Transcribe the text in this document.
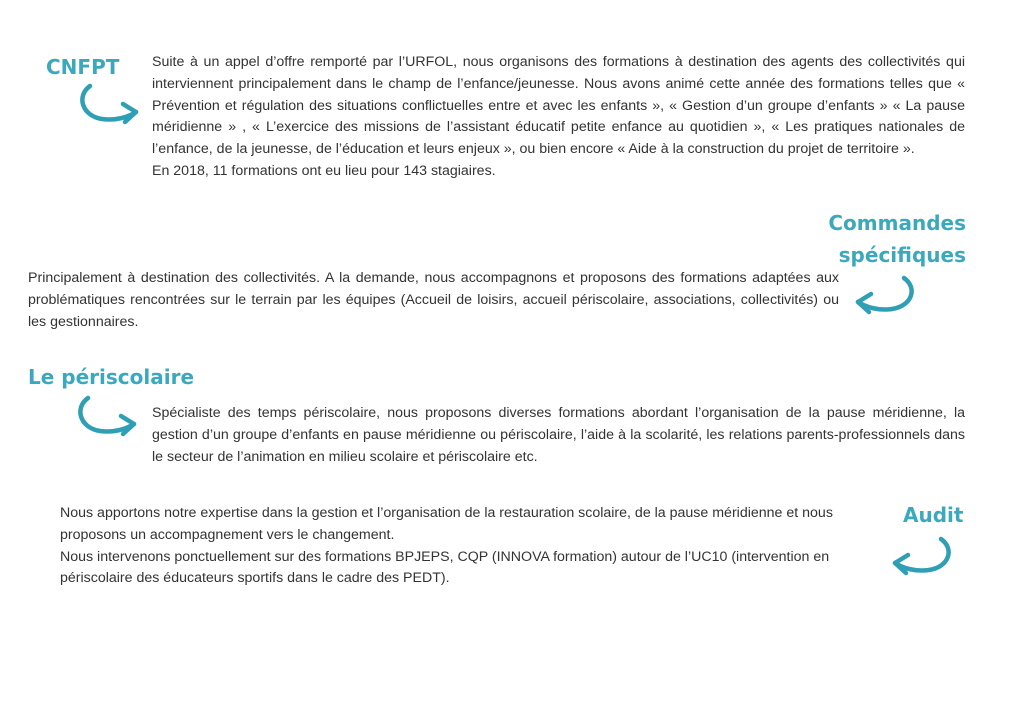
CNFPT Suite à un appel d’offre remporté par l’URFOL, nous organisons des formations à destination des agents des collectivités qui interviennent principalement dans le champ de l’enfance/jeunesse. Nous avons animé cette année des formations telles que « Prévention et régulation des situations conflictuelles entre et avec les enfants », « Gestion d’un groupe d’enfants » « La pause méridienne » , « L’exercice des missions de l’assistant éducatif petite enfance au quotidien », « Les pratiques nationales de l’enfance, de la jeunesse, de l’éducation et leurs enjeux », ou bien encore « Aide à la construction du projet de territoire ».

En 2018, 11 formations ont eu lieu pour 143 stagiaires.

Commandes
spécifiques

Principalement à destination des collectivités. A la demande, nous accompagnons et proposons des formations adaptées aux problématiques rencontrées sur le terrain par les équipes (Accueil de loisirs, accueil périscolaire, associations, collectivités) ou les gestionnaires.

Le périscolaire

Spécialiste des temps périscolaire, nous proposons diverses formations abordant l’organisation de la pause méridienne, la gestion d’un groupe d’enfants en pause méridienne ou périscolaire, l’aide à la scolarité, les relations parents-professionnels dans le secteur de l’animation en milieu scolaire et périscolaire etc.

Audit

Nous apportons notre expertise dans la gestion et l’organisation de la restauration scolaire, de la pause méridienne et nous proposons un accompagnement vers le changement.

Nous intervenons ponctuellement sur des formations BPJEPS, CQP (INNOVA formation) autour de l’UC10 (intervention en périscolaire des éducateurs sportifs dans le cadre des PEDT).
